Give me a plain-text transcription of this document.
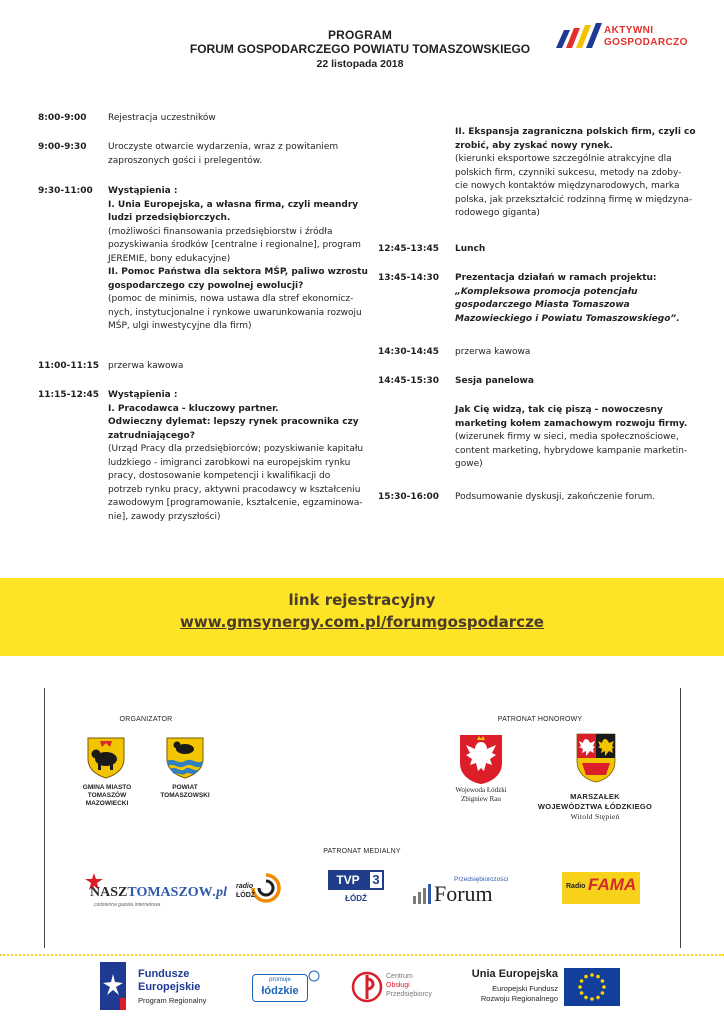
PROGRAM
FORUM GOSPODARCZEGO POWIATU TOMASZOWSKIEGO
22 listopada 2018
AKTYWNI
GOSPODARCZO
8:00-9:00 Rejestracja uczestników
9:00-9:30 Uroczyste otwarcie wydarzenia, wraz z powitaniem
zaproszonych gości i prelegentów.
9:30-11:00 Wystąpienia :
I. Unia Europejska, a własna firma, czyli meandry
ludzi przedsiębiorczych.
(możliwości finansowania przedsiębiorstw i źródła
pozyskiwania środków [centralne i regionalne], program
JEREMIE, bony edukacyjne)
II. Pomoc Państwa dla sektora MŚP, paliwo wzrostu
gospodarczego czy powolnej ewolucji?
(pomoc de minimis, nowa ustawa dla stref ekonomicz-
nych, instytucjonalne i rynkowe uwarunkowania rozwoju
MŚP, ulgi inwestycyjne dla firm)
11:00-11:15 przerwa kawowa
11:15-12:45 Wystąpienia :
I. Pracodawca - kluczowy partner.
Odwieczny dylemat: lepszy rynek pracownika czy
zatrudniającego?
(Urząd Pracy dla przedsiębiorców; pozyskiwanie kapitału
ludzkiego - imigranci zarobkowi na europejskim rynku
pracy, dostosowanie kompetencji i kwalifikacji do
potrzeb rynku pracy, aktywni pracodawcy w kształceniu
zawodowym [programowanie, kształcenie, egzaminowa-
nie], zawody przyszłości)
II. Ekspansja zagraniczna polskich firm, czyli co
zrobić, aby zyskać nowy rynek.
(kierunki eksportowe szczególnie atrakcyjne dla
polskich firm, czynniki sukcesu, metody na zdoby-
cie nowych kontaktów międzynarodowych, marka
polska, jak przekształcić rodzinną firmę w międzyna-
rodowego giganta)
12:45-13:45 Lunch
13:45-14:30 Prezentacja działań w ramach projektu:
„Kompleksowa promocja potencjału
gospodarczego Miasta Tomaszowa
Mazowieckiego i Powiatu Tomaszowskiego”.
14:30-14:45 przerwa kawowa
14:45-15:30 Sesja panelowa
Jak Cię widzą, tak cię piszą - nowoczesny
marketing kołem zamachowym rozwoju firmy.
(wizerunek firmy w sieci, media społecznościowe,
content marketing, hybrydowe kampanie marketin-
gowe)
15:30-16:00 Podsumowanie dyskusji, zakończenie forum.
link rejestracyjny
www.gmsynergy.com.pl/forumgospodarcze
ORGANIZATOR
GMINA MIASTO
TOMASZÓW
MAZOWIECKI
POWIAT
TOMASZOWSKI
PATRONAT HONOROWY
Wojewoda Łódzki
Zbigniew Rau	MARSZAŁEK
WOJEWÓDZTWA ŁÓDZKIEGO
Witold Stępień
PATRONAT MEDIALNY
NASZTOMASZOW.pl
codzienna gazeta internetowa
radio
ŁÓDŹ
TVP 3
ŁÓDŹ
Przedsiębiorczości
Forum	Radio FAMA
Fundusze
Europejskie
Program Regionalny
promuje
łódzkie
Centrum
Obsługi
Przedsiębiorcy
Unia Europejska
Europejski Fundusz
Rozwoju Regionalnego
